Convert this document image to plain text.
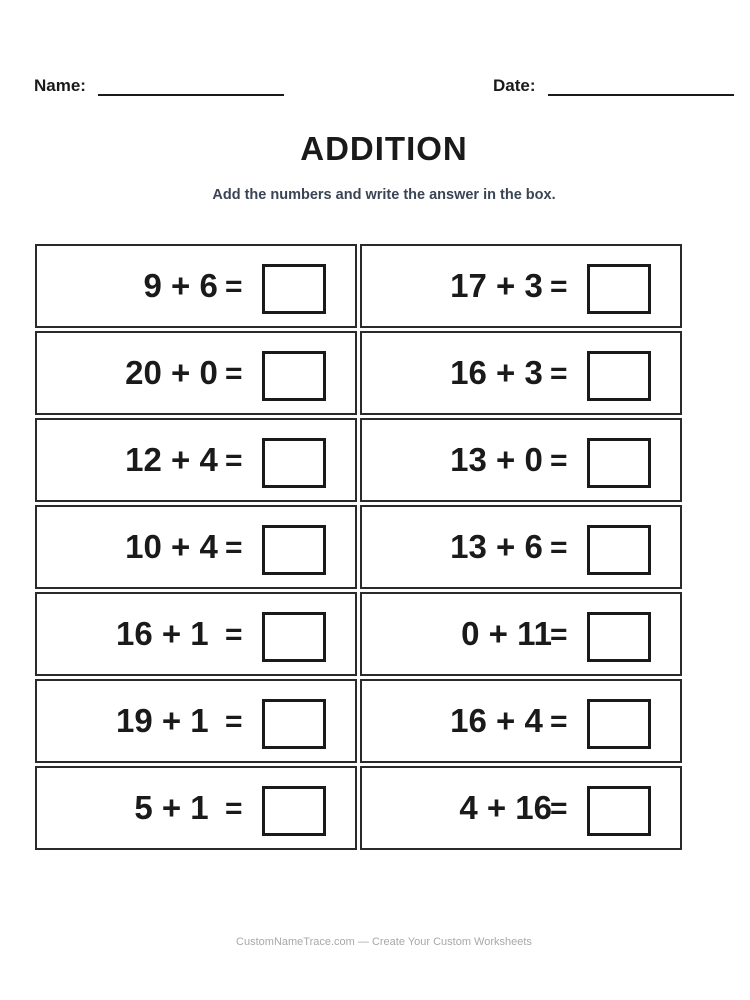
Name:	Date:
ADDITION
Add the numbers and write the answer in the box.
9 + 6
=	17 + 3
=
20 + 0
=	16 + 3
=
12 + 4
=	13 + 0
=
10 + 4
=	13 + 6
=
16 + 1
=	0 + 11
=
19 + 1
=	16 + 4
=
5 + 1
=	4 + 16
=
CustomNameTrace.com — Create Your Custom Worksheets
